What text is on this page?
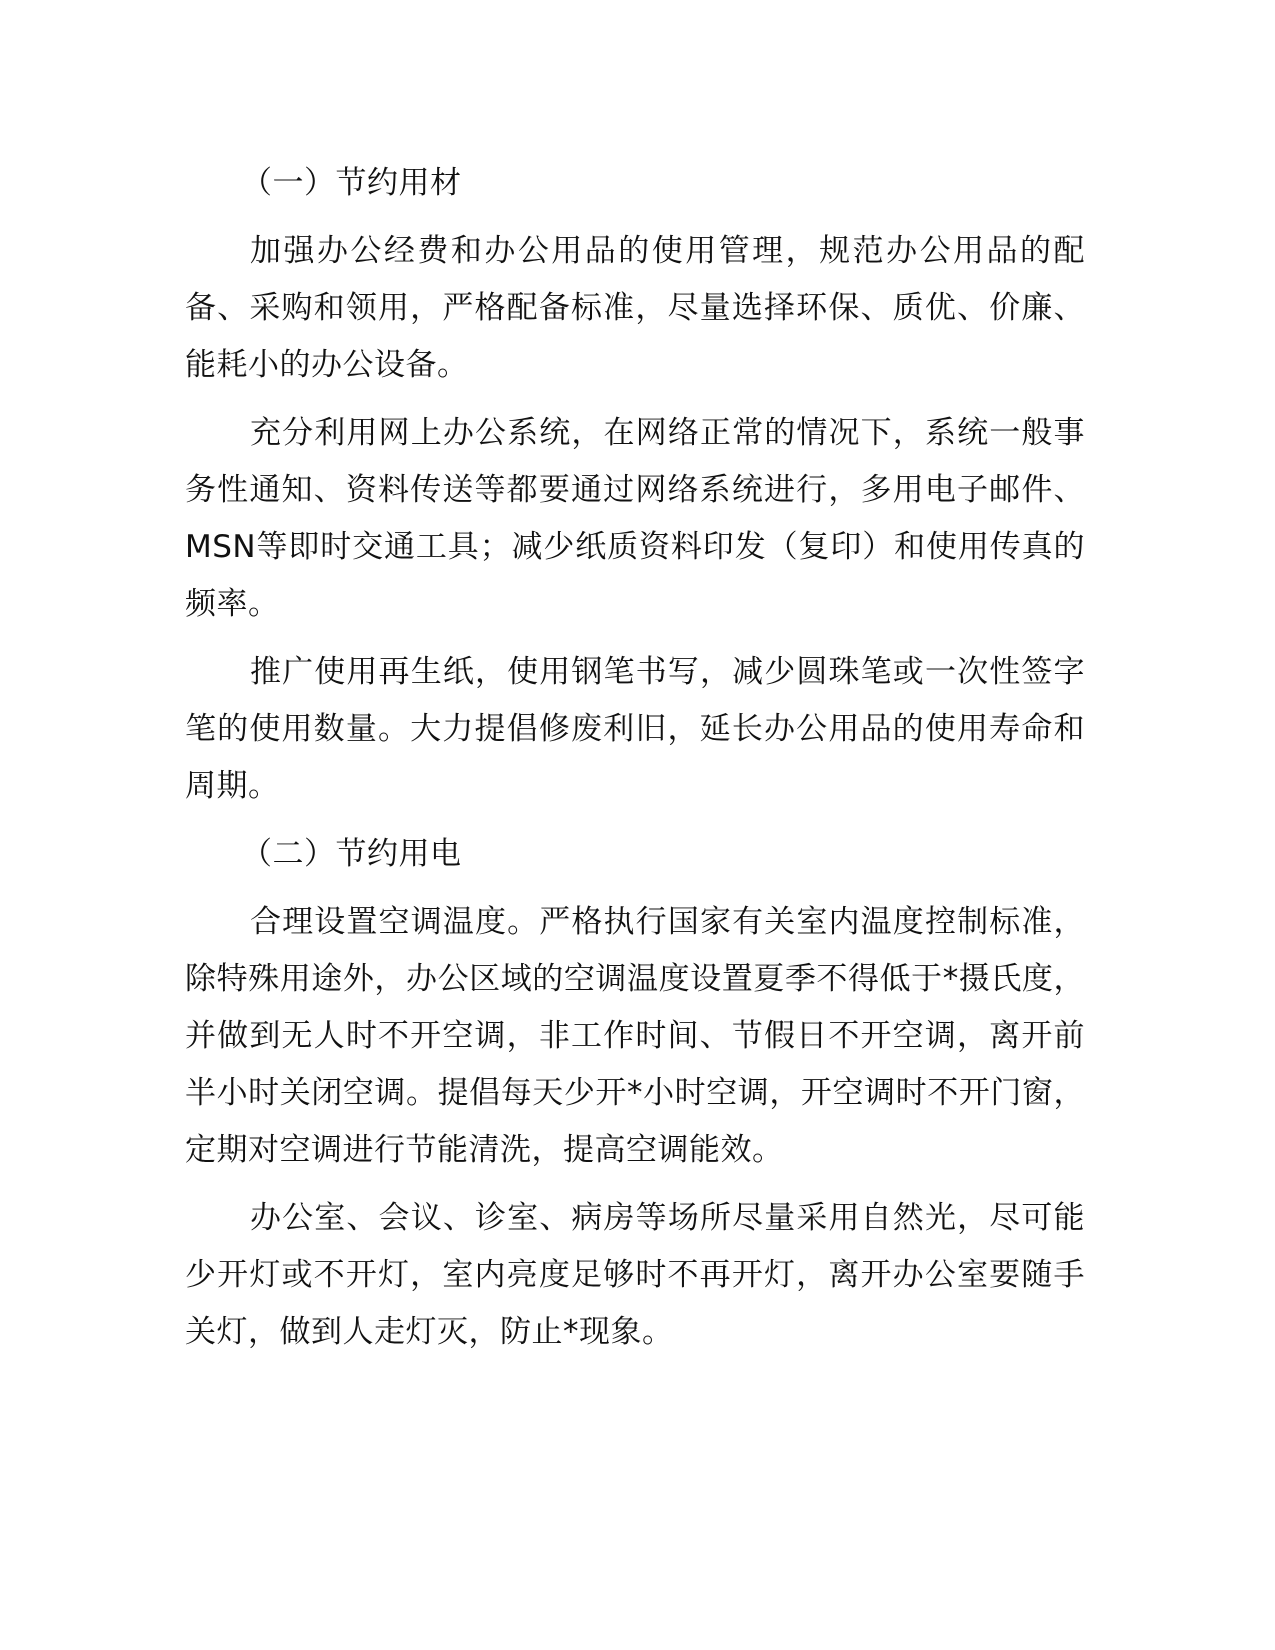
（一）节约用材

加强办公经费和办公用品的使用管理，规范办公用品的配备、采购和领用，严格配备标准，尽量选择环保、质优、价廉、能耗小的办公设备。

充分利用网上办公系统，在网络正常的情况下，系统一般事务性通知、资料传送等都要通过网络系统进行，多用电子邮件、MSN等即时交通工具；减少纸质资料印发（复印）和使用传真的频率。

推广使用再生纸，使用钢笔书写，减少圆珠笔或一次性签字笔的使用数量。大力提倡修废利旧，延长办公用品的使用寿命和周期。

（二）节约用电

合理设置空调温度。严格执行国家有关室内温度控制标准，除特殊用途外，办公区域的空调温度设置夏季不得低于*摄氏度，并做到无人时不开空调，非工作时间、节假日不开空调，离开前半小时关闭空调。提倡每天少开*小时空调，开空调时不开门窗，定期对空调进行节能清洗，提高空调能效。

办公室、会议、诊室、病房等场所尽量采用自然光，尽可能少开灯或不开灯，室内亮度足够时不再开灯，离开办公室要随手关灯，做到人走灯灭，防止*现象。
